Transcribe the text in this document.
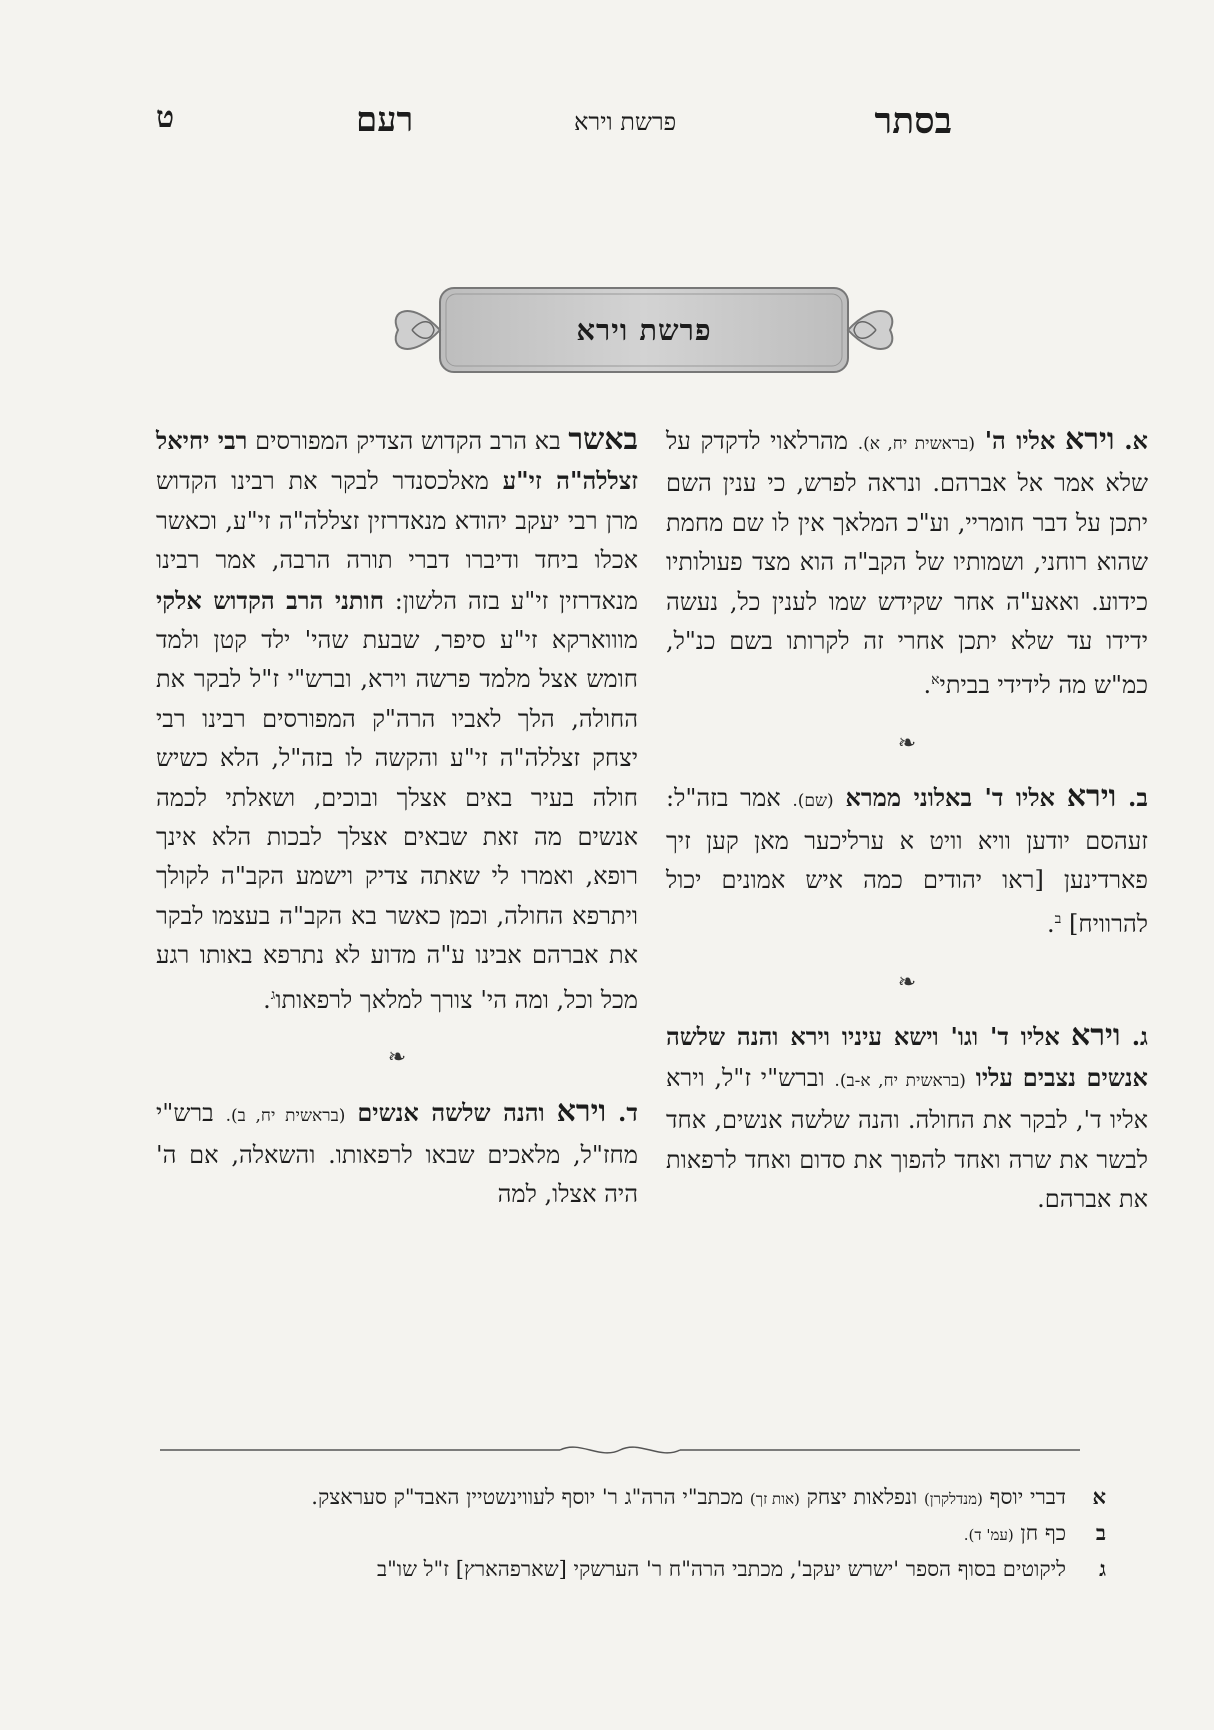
בסתר
פרשת וירא
רעם
ט
פרשת וירא

א. וירא אליו ה' (בראשית יח, א). מהרלאוי לדקדק על שלא אמר אל אברהם. ונראה לפרש, כי ענין השם יתכן על דבר חומריי, וע"כ המלאך אין לו שם מחמת שהוא רוחני, ושמותיו של הקב"ה הוא מצד פעולותיו כידוע. ואאע"ה אחר שקידש שמו לענין כל, נעשה ידידו עד שלא יתכן אחרי זה לקרותו בשם כנ"ל, כמ"ש מה לידידי בביתי$^א$.

❧

ב. וירא אליו ד' באלוני ממרא (שם). אמר בזה"ל: זעהסם יודען וויא וויט א ערליכער מאן קען זיך פארדינען [ראו יהודים כמה איש אמונים יכול להרוויח] $^ב$.

❧

ג. וירא אליו ד' וגו' וישא עיניו וירא והנה שלשה אנשים נצבים עליו (בראשית יח, א-ב). וברש"י ז"ל, וירא אליו ד', לבקר את החולה. והנה שלשה אנשים, אחד לבשר את שרה ואחד להפוך את סדום ואחד לרפאות את אברהם.

באשר בא הרב הקדוש הצדיק המפורסים רבי יחיאל זצללה"ה זי"ע מאלכסנדר לבקר את רבינו הקדוש מרן רבי יעקב יהודא מנאדרזין זצללה"ה זי"ע, וכאשר אכלו ביחד ודיברו דברי תורה הרבה, אמר רבינו מנאדרזין זי"ע בזה הלשון: חותני הרב הקדוש אלקי מוווארקא זי"ע סיפר, שבעת שהי' ילד קטן ולמד חומש אצל מלמד פרשה וירא, וברש"י ז"ל לבקר את החולה, הלך לאביו הרה"ק המפורסים רבינו רבי יצחק זצללה"ה זי"ע והקשה לו בזה"ל, הלא כשיש חולה בעיר באים אצלך ובוכים, ושאלתי לכמה אנשים מה זאת שבאים אצלך לבכות הלא אינך רופא, ואמרו לי שאתה צדיק וישמע הקב"ה לקולך ויתרפא החולה, וכמן כאשר בא הקב"ה בעצמו לבקר את אברהם אבינו ע"ה מדוע לא נתרפא באותו רגע מכל וכל, ומה הי' צורך למלאך לרפאותו$^ג$.

❧

ד. וירא והנה שלשה אנשים (בראשית יח, ב). ברש"י מחז"ל, מלאכים שבאו לרפאותו. והשאלה, אם ה' היה אצלו, למה

א
דברי יוסף (מנדלקרן) ונפלאות יצחק (אות זך) מכתב"י הרה"ג ר' יוסף לעווינשטיין האבד"ק סעראצק.
ב
כף חן (עמ' ד).
ג
ליקוטים בסוף הספר 'ישרש יעקב', מכתבי הרה"ח ר' הערשקי [שארפהארץ] ז"ל שו"ב
